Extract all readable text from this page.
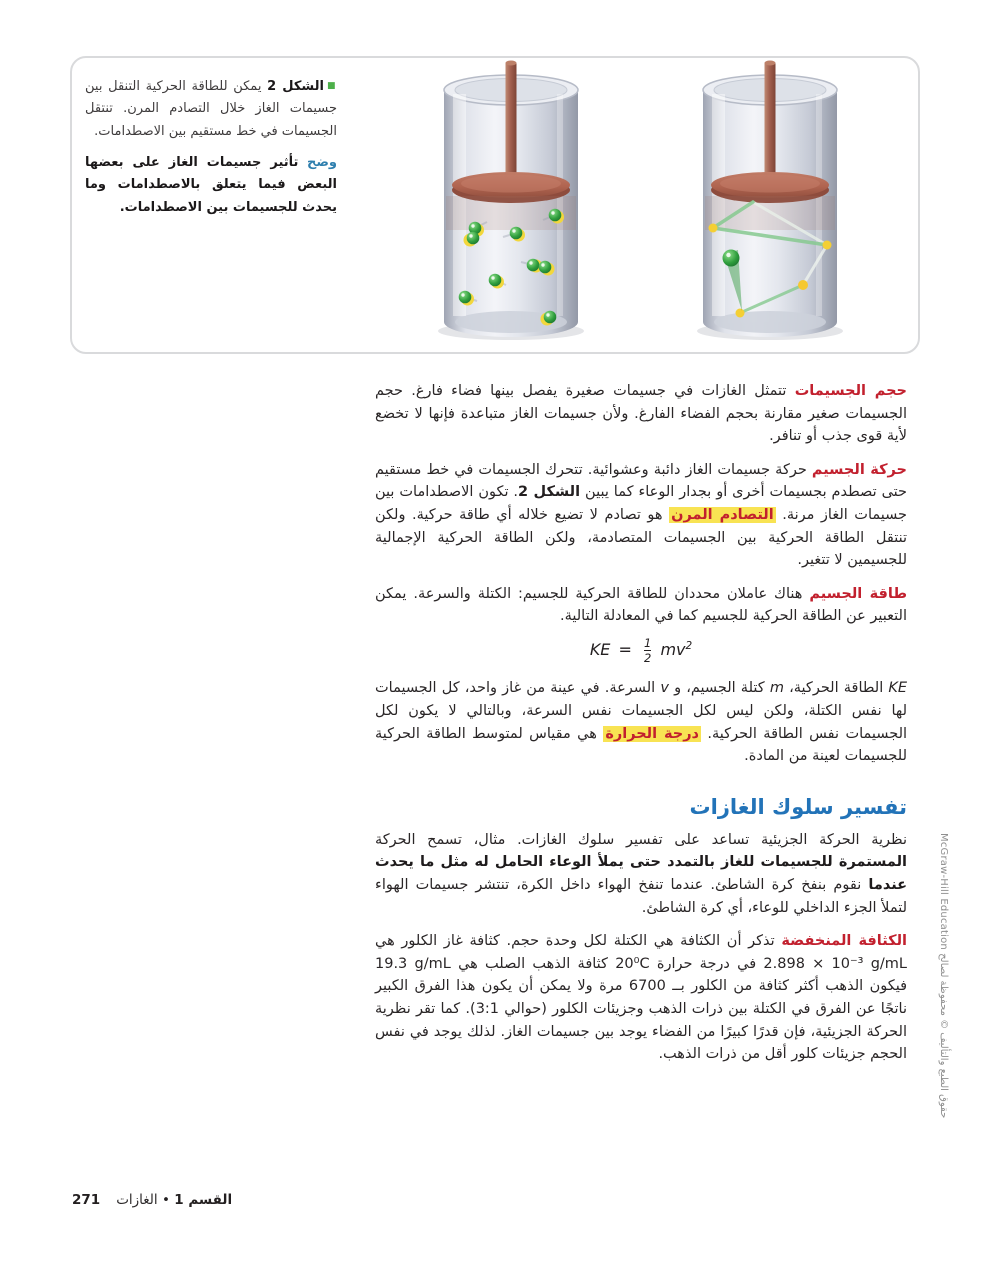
■الشكل 2 يمكن للطاقة الحركية التنقل بين جسيمات الغاز خلال التصادم المرن. تنتقل الجسيمات في خط مستقيم بين الاصطدامات.
وضح تأثير جسيمات الغاز على بعضها البعض فيما يتعلق بالاصطدامات وما يحدث للجسيمات بين الاصطدامات.

حجم الجسيمات تتمثل الغازات في جسيمات صغيرة يفصل بينها فضاء فارغ. حجم الجسيمات صغير مقارنة بحجم الفضاء الفارغ. ولأن جسيمات الغاز متباعدة فإنها لا تخضع لأية قوى جذب أو تنافر.

حركة الجسيم حركة جسيمات الغاز دائبة وعشوائية. تتحرك الجسيمات في خط مستقيم حتى تصطدم بجسيمات أخرى أو بجدار الوعاء كما يبين الشكل 2. تكون الاصطدامات بين جسيمات الغاز مرنة. التصادم المرن هو تصادم لا تضيع خلاله أي طاقة حركية. ولكن تنتقل الطاقة الحركية بين الجسيمات المتصادمة، ولكن الطاقة الحركية الإجمالية للجسيمين لا تتغير.

طاقة الجسيم هناك عاملان محددان للطاقة الحركية للجسيم: الكتلة والسرعة. يمكن التعبير عن الطاقة الحركية للجسيم كما في المعادلة التالية.

KE = $\frac{1}{2} mv^2$

KE الطاقة الحركية، m كتلة الجسيم، و v السرعة. في عينة من غاز واحد، كل الجسيمات لها نفس الكتلة، ولكن ليس لكل الجسيمات نفس السرعة، وبالتالي لا يكون لكل الجسيمات نفس الطاقة الحركية. درجة الحرارة هي مقياس لمتوسط الطاقة الحركية للجسيمات لعينة من المادة.

تفسير سلوك الغازات

نظرية الحركة الجزيئية تساعد على تفسير سلوك الغازات. مثال، تسمح الحركة المستمرة للجسيمات للغاز بالتمدد حتى يملأ الوعاء الحامل له مثل ما يحدث عندما نقوم بنفخ كرة الشاطئ. عندما تنفخ الهواء داخل الكرة، تنتشر جسيمات الهواء لتملأ الجزء الداخلي للوعاء، أي كرة الشاطئ.

الكثافة المنخفضة تذكر أن الكثافة هي الكتلة لكل وحدة حجم. كثافة غاز الكلور هي 2.898 × 10⁻³ g/mL في درجة حرارة 20⁰C كثافة الذهب الصلب هي 19.3 g/mL فيكون الذهب أكثر كثافة من الكلور بــ 6700 مرة ولا يمكن أن يكون هذا الفرق الكبير ناتجًا عن الفرق في الكتلة بين ذرات الذهب وجزيئات الكلور (حوالي 3:1). كما تقر نظرية الحركة الجزيئية، فإن قدرًا كبيرًا من الفضاء يوجد بين جسيمات الغاز. لذلك يوجد في نفس الحجم جزيئات كلور أقل من ذرات الذهب.

271	القسم 1 • الغازات
حقوق الطبع والتأليف © محفوظة لصالح McGraw-Hill Education
